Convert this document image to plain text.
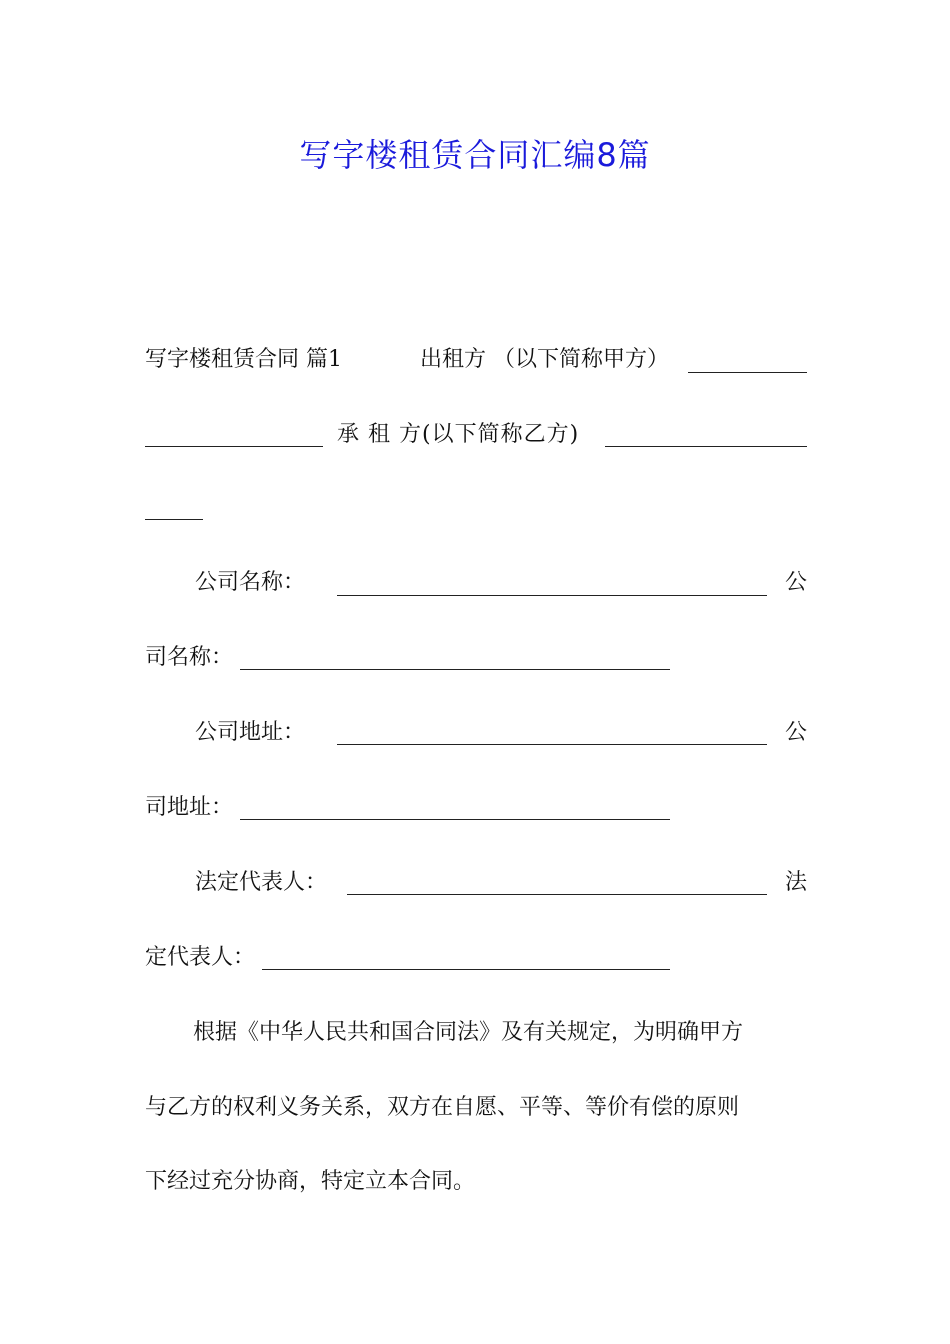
写字楼租赁合同汇编8篇
写字楼租赁合同 篇1	出租方 （以下简称甲方）
承 租 方(以下简称乙方)
公司名称：	公
司名称：
公司地址：	公
司地址：
法定代表人：	法
定代表人：
根据《中华人民共和国合同法》及有关规定，为明确甲方
与乙方的权利义务关系，双方在自愿、平等、等价有偿的原则
下经过充分协商，特定立本合同。
